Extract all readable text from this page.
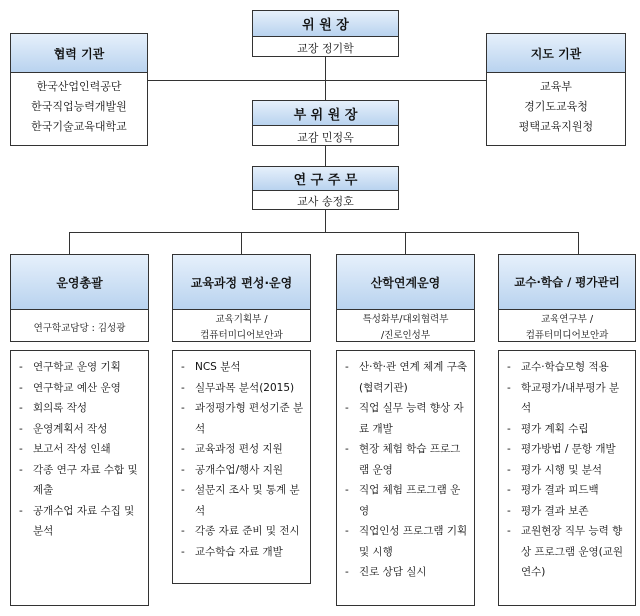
위 원 장
교장 정기학
부 위 원 장
교감 민정옥
연 구 주 무
교사 송정호
협력 기관
한국산업인력공단
한국직업능력개발원
한국기술교육대학교
지도 기관
교육부
경기도교육청
평택교육지원청
운영총괄
연구학교담당 : 김성광
- 연구학교 운영 기획
- 연구학교 예산 운영
- 회의록 작성
- 운영계획서 작성
- 보고서 작성 인쇄
- 각종 연구 자료 수합 및 제출
- 공개수업 자료 수집 및 분석
교육과정 편성·운영
교육기획부 /
컴퓨터미디어보안과
- NCS 분석
- 실무과목 분석(2015)
- 과정평가형 편성기준 분석
- 교육과정 편성 지원
- 공개수업/행사 지원
- 설문지 조사 및 통계 분석
- 각종 자료 준비 및 전시
- 교수학습 자료 개발
산학연계운영
특성화부/대외협력부
/진로인성부
- 산·학·관 연계 체계 구축(협력기관)
- 직업 실무 능력 향상 자료 개발
- 현장 체험 학습 프로그램 운영
- 직업 체험 프로그램 운영
- 직업인성 프로그램 기획 및 시행
- 진로 상담 실시
교수·학습 / 평가관리
교육연구부 /
컴퓨터미디어보안과
- 교수·학습모형 적용
- 학교평가/내부평가 분석
- 평가 계획 수립
- 평가방법 / 문항 개발
- 평가 시행 및 분석
- 평가 결과 피드백
- 평가 결과 보존
- 교원현장 직무 능력 향상 프로그램 운영(교원연수)
